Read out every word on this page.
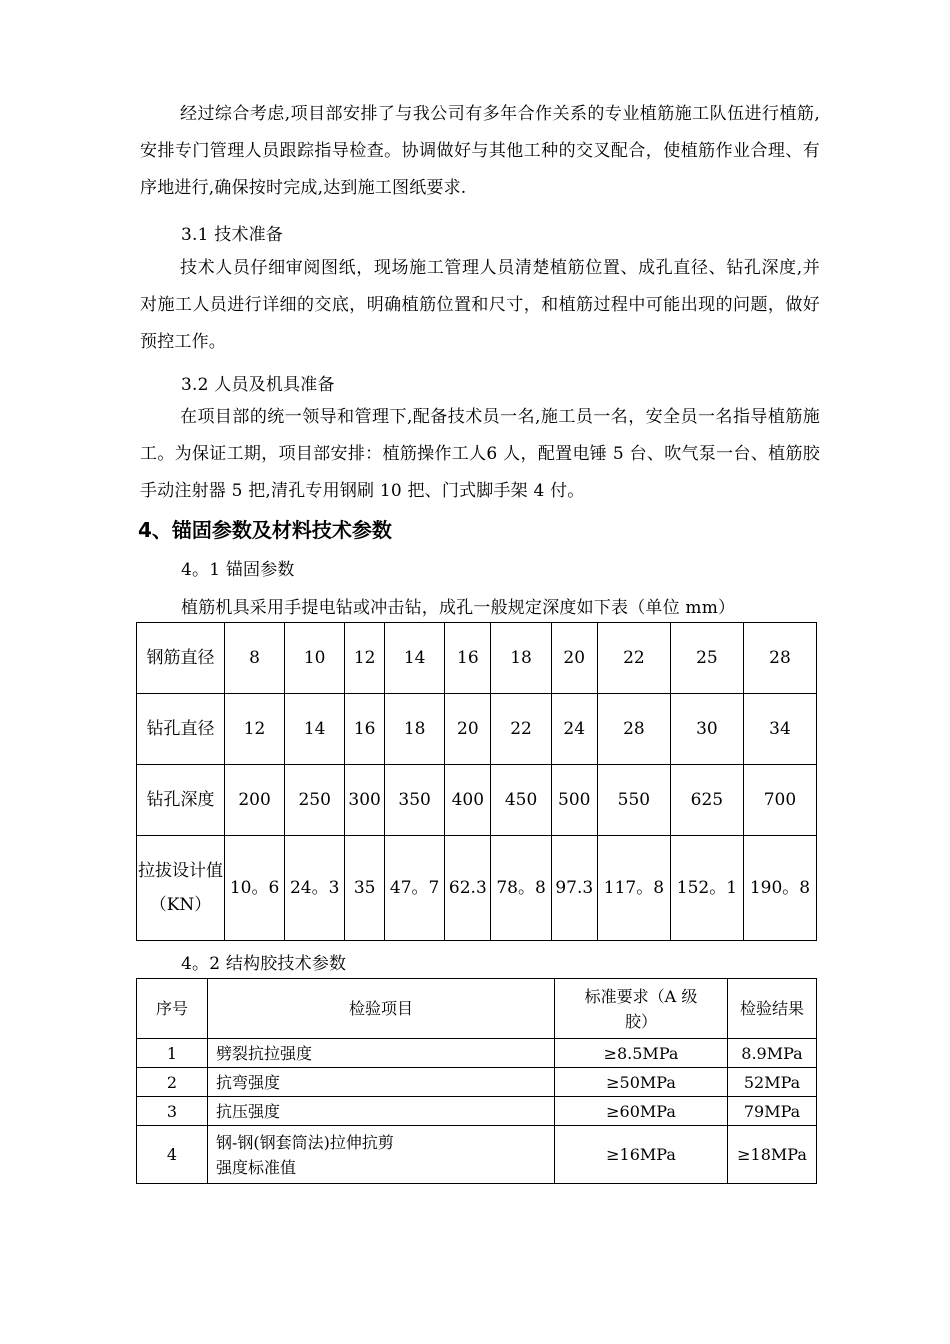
经过综合考虑,项目部安排了与我公司有多年合作关系的专业植筋施工队伍进行植筋,安排专门管理人员跟踪指导检查。协调做好与其他工种的交叉配合，使植筋作业合理、有序地进行,确保按时完成,达到施工图纸要求.

3.1 技术准备

技术人员仔细审阅图纸，现场施工管理人员清楚植筋位置、成孔直径、钻孔深度,并对施工人员进行详细的交底，明确植筋位置和尺寸，和植筋过程中可能出现的问题，做好预控工作。

3.2 人员及机具准备

在项目部的统一领导和管理下,配备技术员一名,施工员一名，安全员一名指导植筋施工。为保证工期，项目部安排：植筋操作工人6 人，配置电锤 5 台、吹气泵一台、植筋胶手动注射器 5 把,清孔专用钢刷 10 把、门式脚手架 4 付。

4、锚固参数及材料技术参数

4。1 锚固参数

植筋机具采用手提电钻或冲击钻，成孔一般规定深度如下表（单位 mm）

钢筋直径	8	10	12	14	16	18	20	22	25	28
钻孔直径	12	14	16	18	20	22	24	28	30	34
钻孔深度	200	250	300	350	400	450	500	550	625	700
拉拔设计值（KN）	10。6	24。3	35	47。7	62.3	78。8	97.3	117。8	152。1	190。8

4。2 结构胶技术参数

序号	检验项目	标准要求（A 级胶）	检验结果
1	劈裂抗拉强度	≥8.5MPa	8.9MPa
2	抗弯强度	≥50MPa	52MPa
3	抗压强度	≥60MPa	79MPa
4	钢-钢(钢套筒法)拉伸抗剪强度标准值	≥16MPa	≥18MPa
